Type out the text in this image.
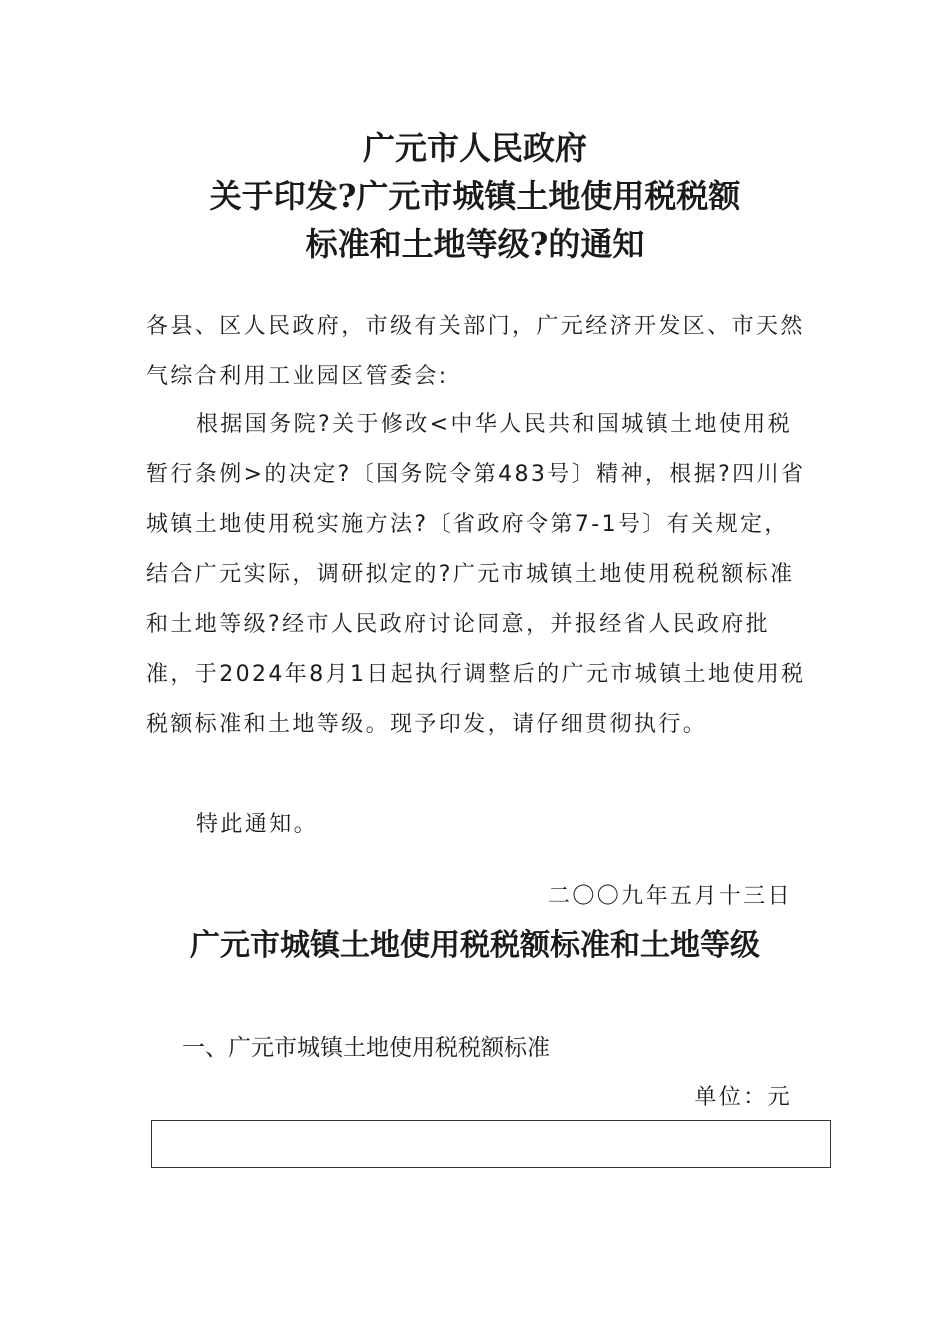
广元市人民政府
关于印发?广元市城镇土地使用税税额
标准和土地等级?的通知
各县、区人民政府，市级有关部门，广元经济开发区、市天然气综合利用工业园区管委会:
根据国务院?关于修改<中华人民共和国城镇土地使用税暂行条例>的决定?〔国务院令第483号〕精神，根据?四川省城镇土地使用税实施方法?〔省政府令第7-1号〕有关规定，结合广元实际，调研拟定的?广元市城镇土地使用税税额标准和土地等级?经市人民政府讨论同意，并报经省人民政府批准，于2024年8月1日起执行调整后的广元市城镇土地使用税税额标准和土地等级。现予印发，请仔细贯彻执行。
特此通知。
二〇〇九年五月十三日
广元市城镇土地使用税税额标准和土地等级
一、广元市城镇土地使用税税额标准
单位：元
